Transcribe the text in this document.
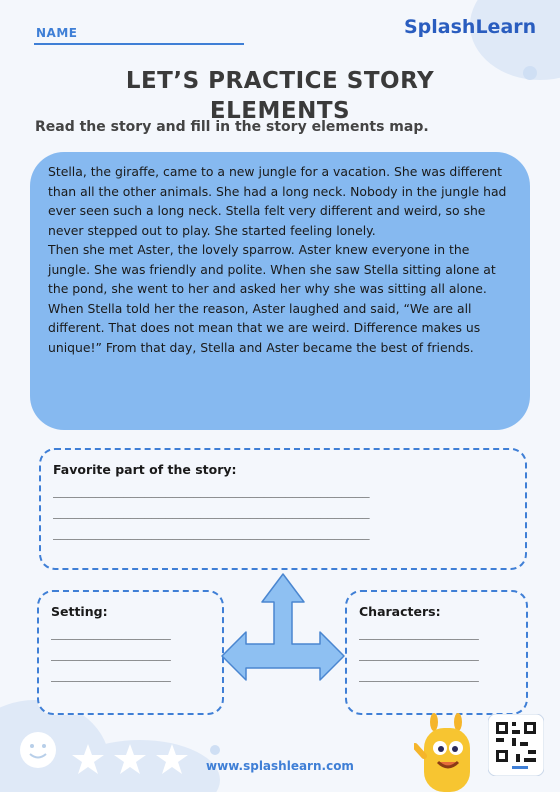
NAME	SplashLearn
LET’S PRACTICE STORY ELEMENTS
Read the story and fill in the story elements map.

Stella, the giraffe, came to a new jungle for a vacation. She was different than all the other animals. She had a long neck. Nobody in the jungle had ever seen such a long neck. Stella felt very different and weird, so she never stepped out to play. She started feeling lonely.

Then she met Aster, the lovely sparrow. Aster knew everyone in the jungle. She was friendly and polite. When she saw Stella sitting alone at the pond, she went to her and asked her why she was sitting all alone.

When Stella told her the reason, Aster laughed and said, “We are all different. That does not mean that we are weird. Difference makes us unique!” From that day, Stella and Aster became the best of friends.

Favorite part of the story:
_____________________________________________
_____________________________________________
_____________________________________________
Setting:
_________________
_________________
_________________
Characters:
_________________
_________________
_________________
www.splashlearn.com
